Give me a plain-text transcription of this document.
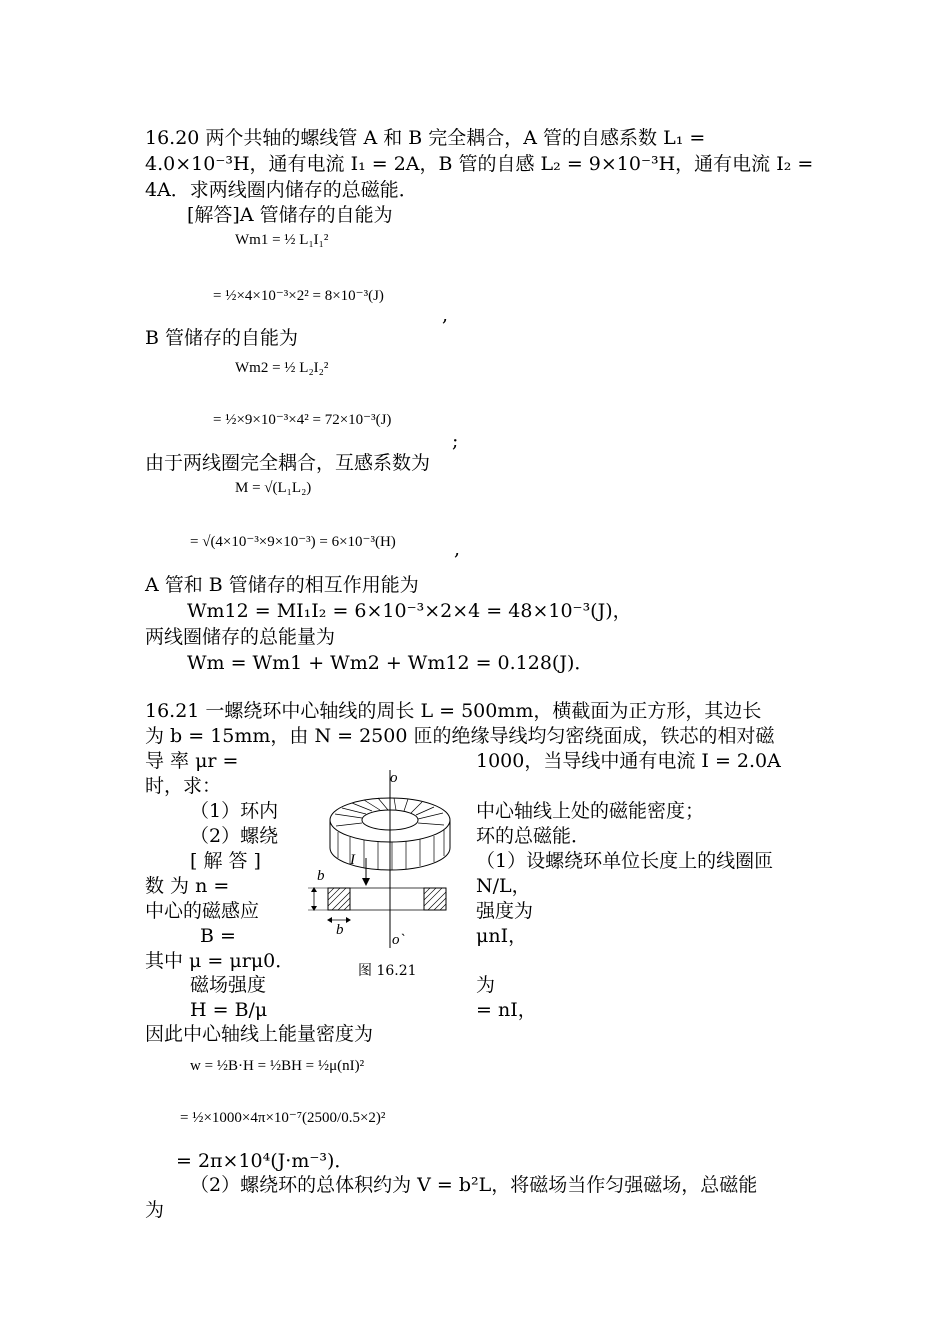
16.20 两个共轴的螺线管 A 和 B 完全耦合，A 管的自感系数 L₁ =
4.0×10⁻³H，通有电流 I₁ = 2A，B 管的自感 L₂ = 9×10⁻³H，通有电流 I₂ =
4A．求两线圈内储存的总磁能．
[解答]A 管储存的自能为
Wm1 = ½ L₁I₁²
= ½×4×10⁻³×2² = 8×10⁻³(J)
,
B 管储存的自能为
Wm2 = ½ L₂I₂²
= ½×9×10⁻³×4² = 72×10⁻³(J)
;
由于两线圈完全耦合，互感系数为
M = √(L₁L₂)
= √(4×10⁻³×9×10⁻³) = 6×10⁻³(H)	,
A 管和 B 管储存的相互作用能为
Wm12 = MI₁I₂ = 6×10⁻³×2×4 = 48×10⁻³(J)，
两线圈储存的总能量为
Wm = Wm1 + Wm2 + Wm12 = 0.128(J)．
16.21 一螺绕环中心轴线的周长 L = 500mm，横截面为正方形，其边长
为 b = 15mm，由 N = 2500 匝的绝缘导线均匀密绕面成，铁芯的相对磁
导 率 μr =	1000，当导线中通有电流 I = 2.0A
时，求：
（1）环内	中心轴线上处的磁能密度；
（2）螺绕	环的总磁能．
[ 解 答 ]	（1）设螺绕环单位长度上的线圈匝
数 为 n =	N/L，
中心的磁感应	强度为
B =	μnI，
其中 μ = μrμ0．
磁场强度	为
H = B/μ	= nI，
因此中心轴线上能量密度为
w = ½B·H = ½BH = ½μ(nI)²
= ½×1000×4π×10⁻⁷(2500/0.5×2)²
= 2π×10⁴(J·m⁻³)．
（2）螺绕环的总体积约为 V = b²L，将磁场当作匀强磁场，总磁能
为
o
o`
I
b
b
图 16.21
